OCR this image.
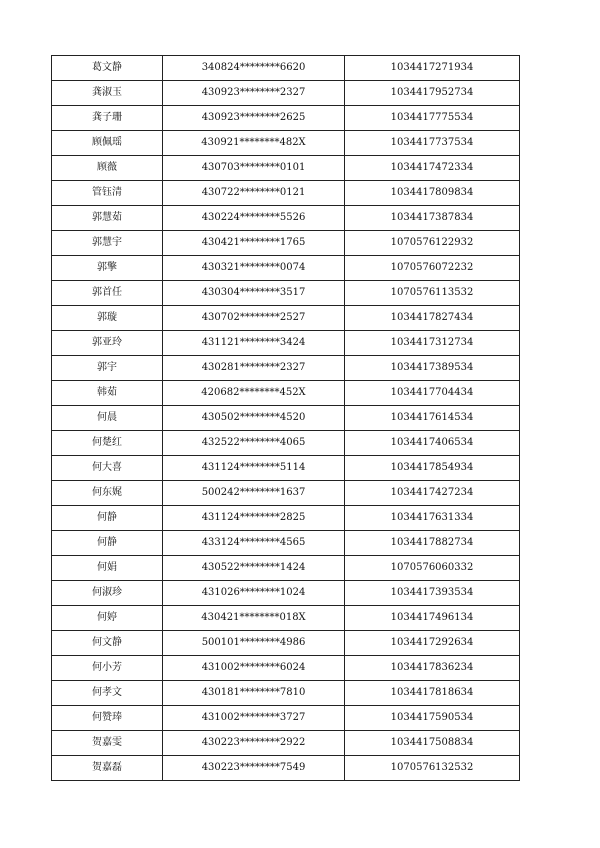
葛文静	340824********6620	1034417271934
龚淑玉	430923********2327	1034417952734
龚子珊	430923********2625	1034417775534
顾佩瑶	430921********482X	1034417737534
顾薇	430703********0101	1034417472334
管钰清	430722********0121	1034417809834
郭慧茹	430224********5526	1034417387834
郭慧宇	430421********1765	1070576122932
郭擎	430321********0074	1070576072232
郭首任	430304********3517	1070576113532
郭璇	430702********2527	1034417827434
郭亚玲	431121********3424	1034417312734
郭宇	430281********2327	1034417389534
韩茹	420682********452X	1034417704434
何晨	430502********4520	1034417614534
何楚红	432522********4065	1034417406534
何大喜	431124********5114	1034417854934
何东娓	500242********1637	1034417427234
何静	431124********2825	1034417631334
何静	433124********4565	1034417882734
何娟	430522********1424	1070576060332
何淑珍	431026********1024	1034417393534
何婷	430421********018X	1034417496134
何文静	500101********4986	1034417292634
何小芳	431002********6024	1034417836234
何孝文	430181********7810	1034417818634
何赞琫	431002********3727	1034417590534
贺嘉雯	430223********2922	1034417508834
贺嘉磊	430223********7549	1070576132532
